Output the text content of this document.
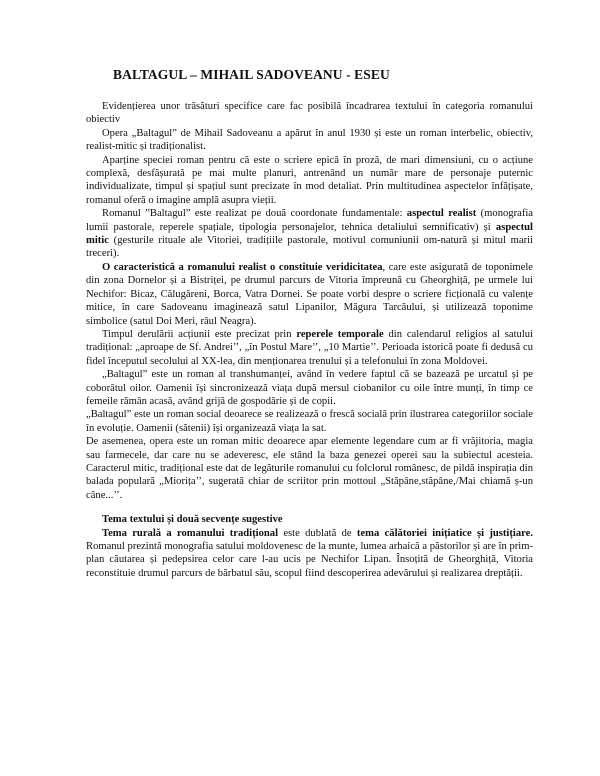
BALTAGUL – MIHAIL SADOVEANU - ESEU

Evidențierea unor trăsături specifice care fac posibilă încadrarea textului în categoria romanului obiectiv

Opera „Baltagul” de Mihail Sadoveanu a apărut în anul 1930 și este un roman interbelic, obiectiv, realist-mitic și tradiționalist.

Aparține speciei roman pentru că este o scriere epică în proză, de mari dimensiuni, cu o acțiune complexă, desfășurată pe mai multe planuri, antrenând un număr mare de personaje puternic individualizate, timpul și spațiul sunt precizate în mod detaliat. Prin multitudinea aspectelor înfățișate, romanul oferă o imagine amplă asupra vieții.

Romanul ”Baltagul” este realizat pe două coordonate fundamentale: aspectul realist (monografia lumii pastorale, reperele spațiale, tipologia personajelor, tehnica detaliului semnificativ) și aspectul mitic (gesturile rituale ale Vitoriei, tradițiile pastorale, motivul comuniunii om-natură și mitul marii treceri).

O caracteristică a romanului realist o constituie veridicitatea, care este asigurată de toponimele din zona Dornelor și a Bistriței, pe drumul parcurs de Vitoria împreună cu Gheorghiță, pe urmele lui Nechifor: Bicaz, Călugăreni, Borca, Vatra Dornei. Se poate vorbi despre o scriere ficțională cu valențe mitice, în care Sadoveanu imaginează satul Lipanilor, Măgura Tarcăului, și utilizează toponime simbolice (satul Doi Meri, râul Neagra).

Timpul derulării acțiunii este precizat prin reperele temporale din calendarul religios al satului tradițional: „aproape de Sf. Andrei’’, „în Postul Mare’’, „10 Martie’’. Perioada istorică poate fi dedusă cu fidel începutul secolului al XX-lea, din menționarea trenului și a telefonului în zona Moldovei.

„Baltagul” este un roman al transhumanței, având în vedere faptul că se bazează pe urcatul și pe coborâtul oilor. Oamenii își sincronizează viața după mersul ciobanilor cu oile între munți, în timp ce femeile rămân acasă, având grijă de gospodărie și de copii.

„Baltagul” este un roman social deoarece se realizează o frescă socială prin ilustrarea categoriilor sociale în evoluție. Oamenii (sătenii) își organizează viața la sat.

De asemenea, opera este un roman mitic deoarece apar elemente legendare cum ar fi vrăjitoria, magia sau farmecele, dar care nu se adeveresc, ele stând la baza genezei operei sau la subiectul acesteia. Caracterul mitic, tradițional este dat de legăturile romanului cu folclorul românesc, de pildă inspirația din balada populară „Miorița’’, sugerată chiar de scriitor prin mottoul „Stăpâne,stăpâne,/Mai chiamă ș-un câne...’’.

Tema textului și două secvențe sugestive

Tema rurală a romanului tradițional este dublată de tema călătoriei inițiatice și justițiare. Romanul prezintă monografia satului moldovenesc de la munte, lumea arhaică a păstorilor și are în prim-plan căutarea și pedepsirea celor care l-au ucis pe Nechifor Lipan. Însoțită de Gheorghiță, Vitoria reconstituie drumul parcurs de bărbatul său, scopul fiind descoperirea adevărului și realizarea dreptății.
